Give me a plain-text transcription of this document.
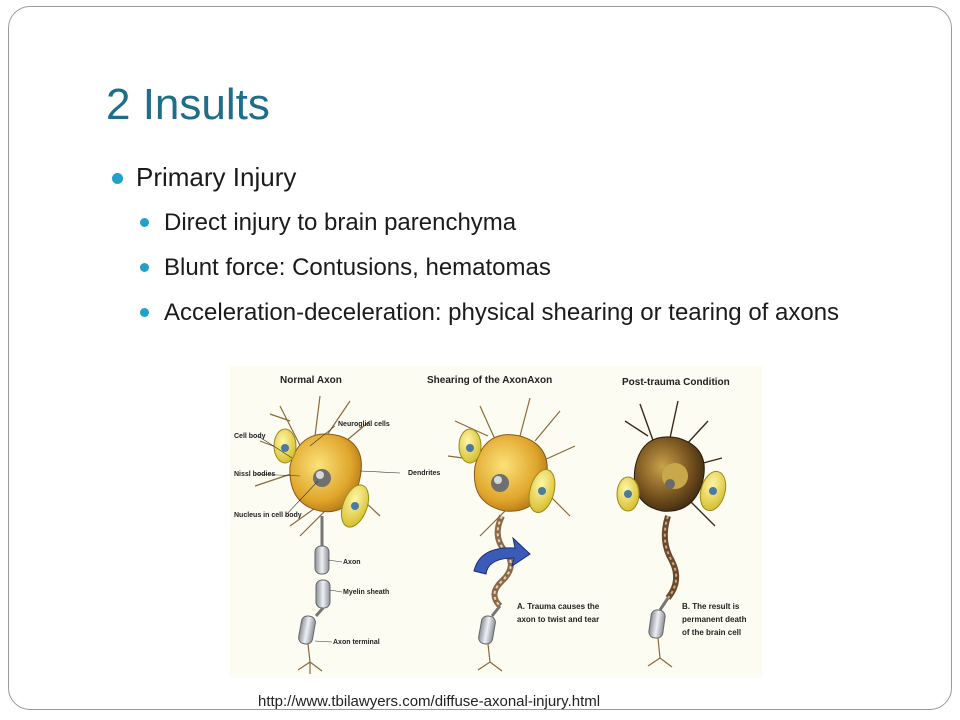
2 Insults
Primary Injury
Direct injury to brain parenchyma
Blunt force: Contusions, hematomas
Acceleration-deceleration: physical shearing or tearing of axons
Normal Axon	Shearing of the AxonAxon	Post-trauma Condition
Cell body
Neuroglial cells
Nissl bodies	Dendrites
Nucleus in cell body
Axon
Myelin sheath
Axon terminal
A. Trauma causes the
axon to twist and tear
B. The result is
permanent death
of the brain cell
http://www.tbilawyers.com/diffuse-axonal-injury.html
